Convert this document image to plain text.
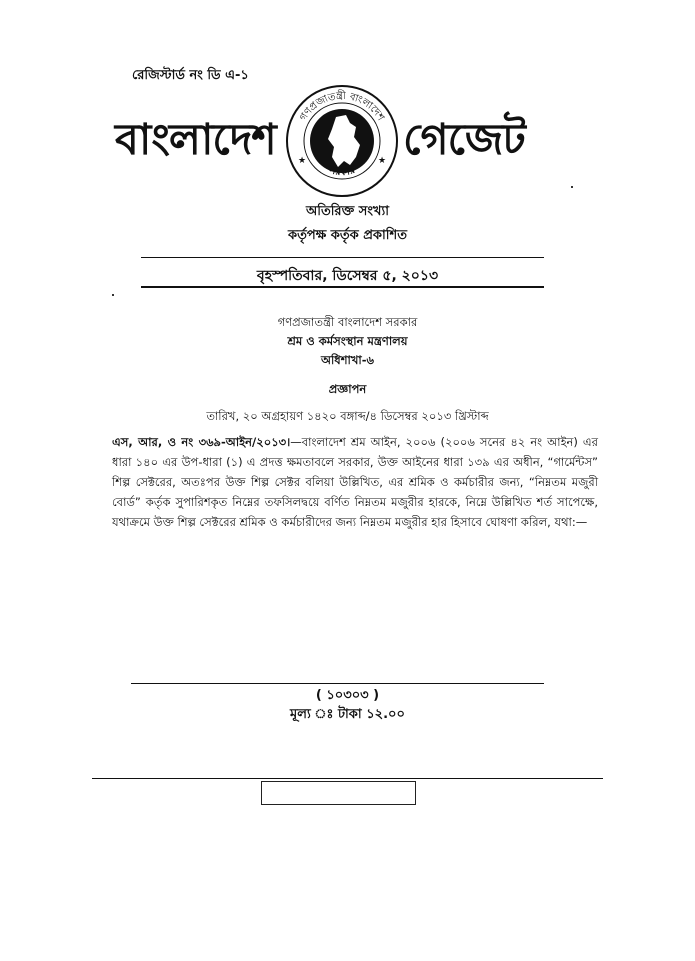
রেজিস্টার্ড নং ডি এ-১
বাংলাদেশ গণপ্রজাতন্ত্রী বাংলাদেশ
সরকার
★	★ গেজেট
অতিরিক্ত সংখ্যা
কর্তৃপক্ষ কর্তৃক প্রকাশিত
বৃহস্পতিবার, ডিসেম্বর ৫, ২০১৩
গণপ্রজাতন্ত্রী বাংলাদেশ সরকার
শ্রম ও কর্মসংস্থান মন্ত্রণালয়
অধিশাখা-৬
প্রজ্ঞাপন
তারিখ, ২০ অগ্রহায়ণ ১৪২০ বঙ্গাব্দ/৪ ডিসেম্বর ২০১৩ খ্রিস্টাব্দ
এস, আর, ও নং ৩৬৯-আইন/২০১৩।—বাংলাদেশ শ্রম আইন, ২০০৬ (২০০৬ সনের ৪২ নং আইন) এর ধারা ১৪০ এর উপ-ধারা (১) এ প্রদত্ত ক্ষমতাবলে সরকার, উক্ত আইনের ধারা ১৩৯ এর অধীন, “গার্মেন্টস” শিল্প সেক্টরের, অতঃপর উক্ত শিল্প সেক্টর বলিয়া উল্লিখিত, এর শ্রমিক ও কর্মচারীর জন্য, “নিম্নতম মজুরী বোর্ড” কর্তৃক সুপারিশকৃত নিম্নের তফসিলদ্বয়ে বর্ণিত নিম্নতম মজুরীর হারকে, নিম্নে উল্লিখিত শর্ত সাপেক্ষে, যথাক্রমে উক্ত শিল্প সেক্টরের শ্রমিক ও কর্মচারীদের জন্য নিম্নতম মজুরীর হার হিসাবে ঘোষণা করিল, যথা:—
( ১০৩০৩ )
মূল্য ঃ টাকা ১২.০০
